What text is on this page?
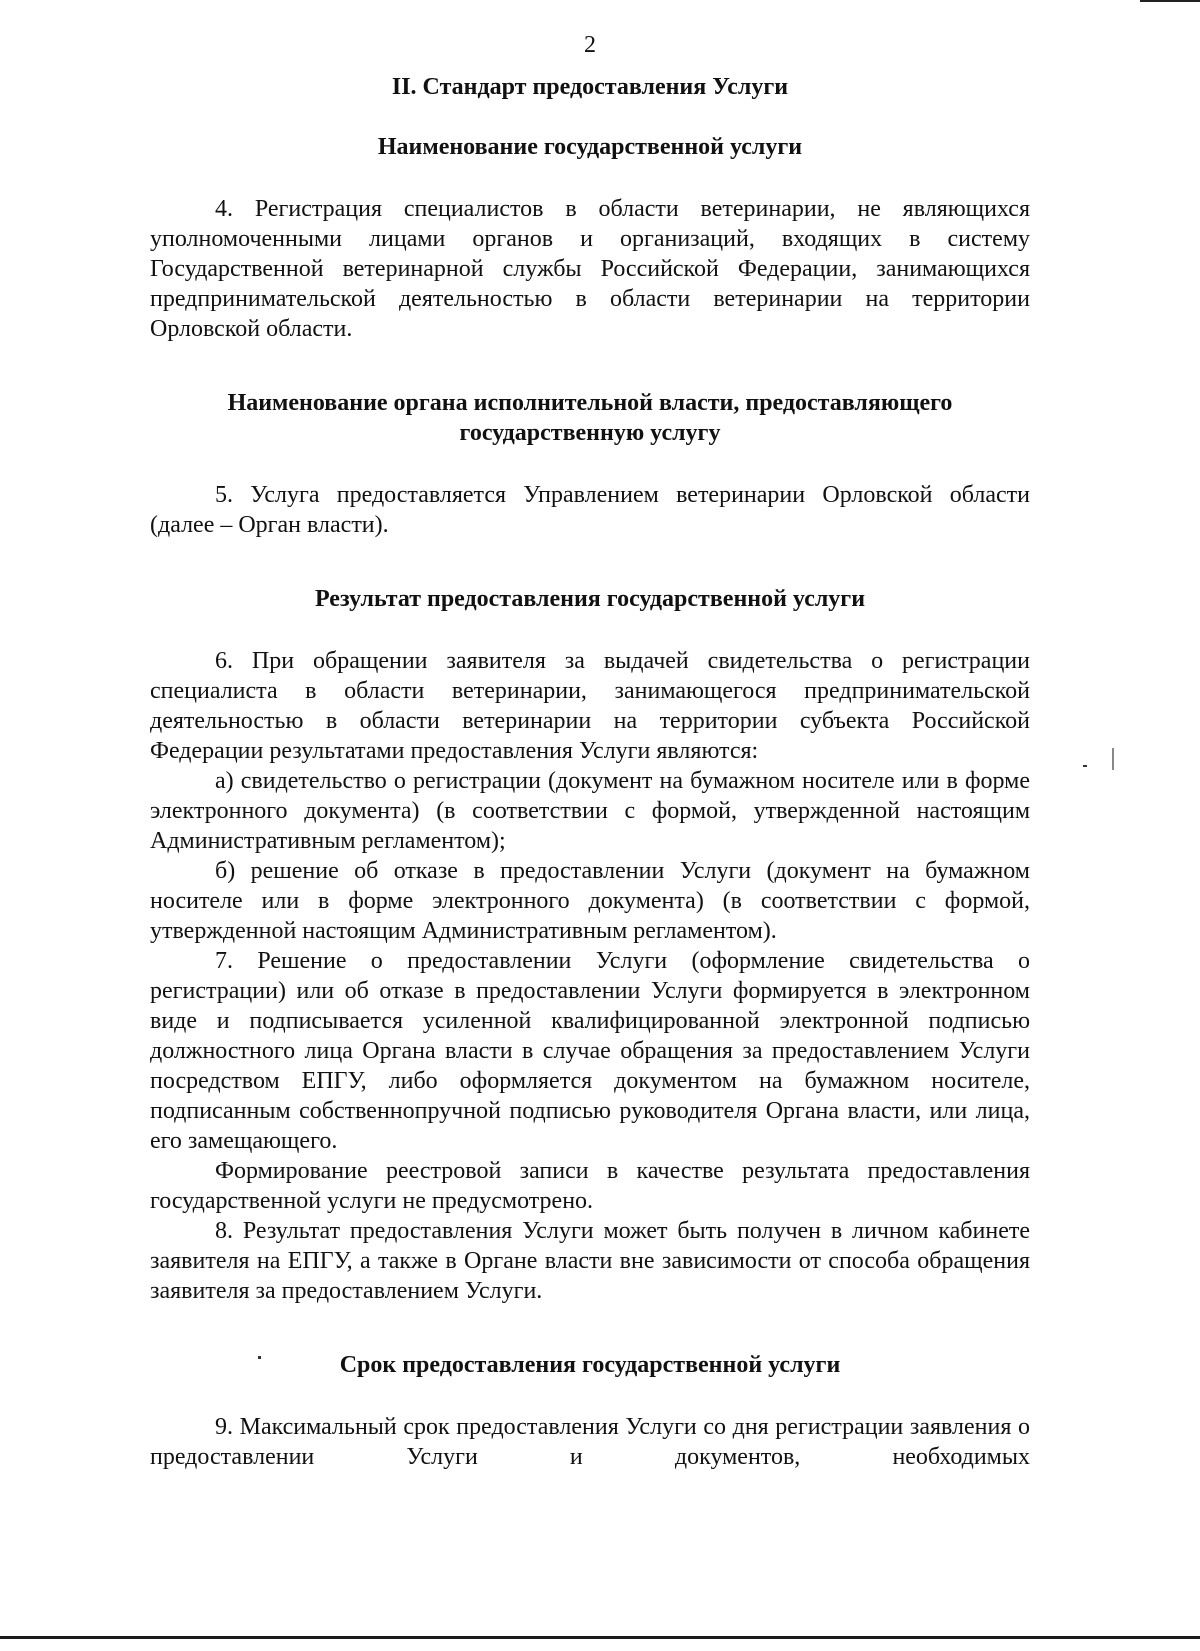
2
II. Стандарт предоставления Услуги
Наименование государственной услуги

4. Регистрация специалистов в области ветеринарии, не являющихся уполномоченными лицами органов и организаций, входящих в систему Государственной ветеринарной службы Российской Федерации, занимающихся предпринимательской деятельностью в области ветеринарии на территории Орловской области.

Наименование органа исполнительной власти, предоставляющего государственную услугу

5. Услуга предоставляется Управлением ветеринарии Орловской области (далее – Орган власти).

Результат предоставления государственной услуги

6. При обращении заявителя за выдачей свидетельства о регистрации специалиста в области ветеринарии, занимающегося предпринимательской деятельностью в области ветеринарии на территории субъекта Российской Федерации результатами предоставления Услуги являются:

а) свидетельство о регистрации (документ на бумажном носителе или в форме электронного документа) (в соответствии с формой, утвержденной настоящим Административным регламентом);

б) решение об отказе в предоставлении Услуги (документ на бумажном носителе или в форме электронного документа) (в соответствии с формой, утвержденной настоящим Административным регламентом).

7. Решение о предоставлении Услуги (оформление свидетельства о регистрации) или об отказе в предоставлении Услуги формируется в электронном виде и подписывается усиленной квалифицированной электронной подписью должностного лица Органа власти в случае обращения за предоставлением Услуги посредством ЕПГУ, либо оформляется документом на бумажном носителе, подписанным собственнопручной подписью руководителя Органа власти, или лица, его замещающего.

Формирование реестровой записи в качестве результата предоставления государственной услуги не предусмотрено.

8. Результат предоставления Услуги может быть получен в личном кабинете заявителя на ЕПГУ, а также в Органе власти вне зависимости от способа обращения заявителя за предоставлением Услуги.

Срок предоставления государственной услуги

9. Максимальный срок предоставления Услуги со дня регистрации заявления о предоставлении Услуги и документов, необходимых
